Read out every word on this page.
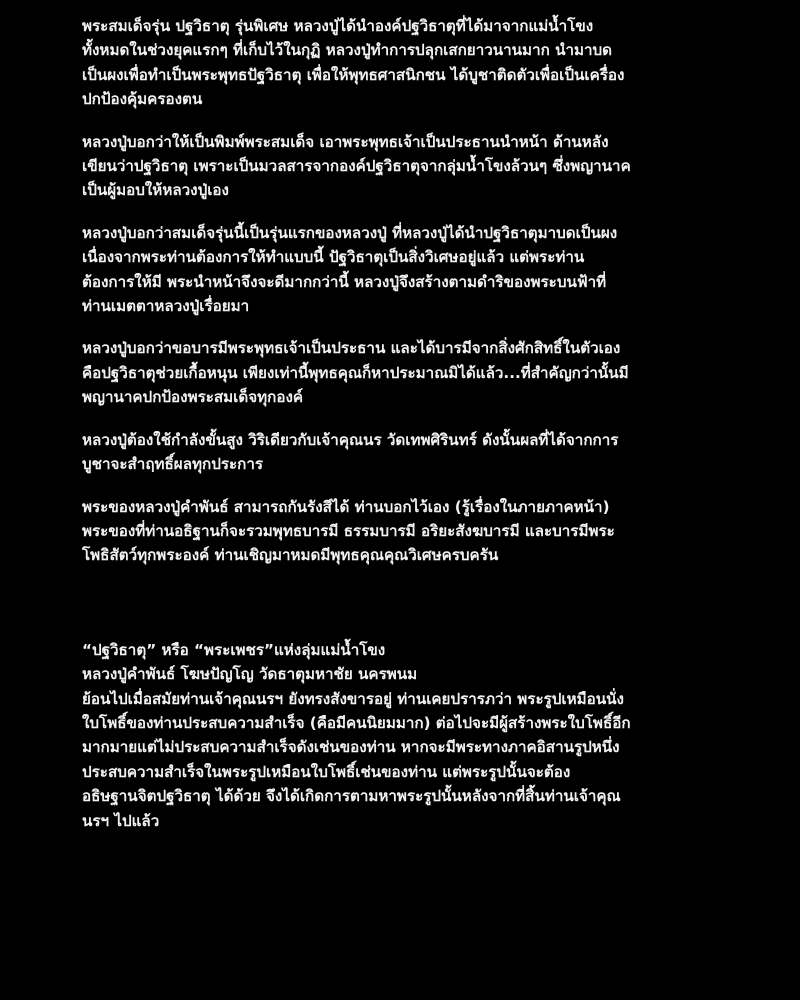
พระสมเด็จรุ่น ปฐวิธาตุ รุ่นพิเศษ หลวงปู่ได้นำองค์ปฐวิธาตุที่ได้มาจากแม่น้ำโขง
ทั้งหมดในช่วงยุคแรกๆ ที่เก็บไว้ในกุฏิ หลวงปู่ทำการปลุกเสกยาวนานมาก นำมาบด
เป็นผงเพื่อทำเป็นพระพุทธปัฐวิธาตุ เพื่อให้พุทธศาสนิกชน ได้บูชาติดตัวเพื่อเป็นเครื่อง
ปกป้องคุ้มครองตน
หลวงปู่บอกว่าให้เป็นพิมพ์พระสมเด็จ เอาพระพุทธเจ้าเป็นประธานนำหน้า ด้านหลัง
เขียนว่าปฐวิธาตุ เพราะเป็นมวลสารจากองค์ปฐวิธาตุจากลุ่มน้ำโขงล้วนๆ ซึ่งพญานาค
เป็นผู้มอบให้หลวงปู่เอง
หลวงปู่บอกว่าสมเด็จรุ่นนี้เป็นรุ่นแรกของหลวงปู่ ที่หลวงปู่ได้นำปฐวิธาตุมาบดเป็นผง
เนื่องจากพระท่านต้องการให้ทำแบบนี้ ปัฐวิธาตุเป็นสิ่งวิเศษอยู่แล้ว แต่พระท่าน
ต้องการให้มี พระนำหน้าจึงจะดีมากกว่านี้ หลวงปู่จึงสร้างตามดำริของพระบนฟ้าที่
ท่านเมตตาหลวงปู่เรื่อยมา
หลวงปู่บอกว่าขอบารมีพระพุทธเจ้าเป็นประธาน และได้บารมีจากสิ่งศักสิทธิ์ในตัวเอง
คือปฐวิธาตุช่วยเกื้อหนุน เพียงเท่านี้พุทธคุณก็หาประมาณมิได้แล้ว...ที่สำคัญกว่านั้นมี
พญานาคปกป้องพระสมเด็จทุกองค์
หลวงปู่ต้องใช้กำลังขั้นสูง วิริเดียวกับเจ้าคุณนร วัดเทพศิรินทร์ ดังนั้นผลที่ได้จากการ
บูชาจะสำฤทธิ์ผลทุกประการ
พระของหลวงปู่คำพันธ์ สามารถกันรังสีได้ ท่านบอกไว้เอง (รู้เรื่องในภายภาคหน้า)
พระของที่ท่านอธิฐานก็จะรวมพุทธบารมี ธรรมบารมี อริยะสังฆบารมี และบารมีพระ
โพธิสัตว์ทุกพระองค์ ท่านเชิญมาหมดมีพุทธคุณคุณวิเศษครบครัน
“ปฐวิธาตุ” หรือ “พระเพชร”แห่งลุ่มแม่น้ำโขง
หลวงปู่คำพันธ์ โฆษปัญโญ วัดธาตุมหาชัย นครพนม
ย้อนไปเมื่อสมัยท่านเจ้าคุณนรฯ ยังทรงสังขารอยู่ ท่านเคยปรารภว่า พระรูปเหมือนนั่ง
ใบโพธิ์ของท่านประสบความสำเร็จ (คือมีคนนิยมมาก) ต่อไปจะมีผู้สร้างพระใบโพธิ์อีก
มากมายแต่ไม่ประสบความสำเร็จดังเช่นของท่าน หากจะมีพระทางภาคอิสานรูปหนึ่ง
ประสบความสำเร็จในพระรูปเหมือนใบโพธิ์เช่นของท่าน แต่พระรูปนั้นจะต้อง
อธิษฐานจิตปฐวิธาตุ ได้ด้วย จึงได้เกิดการตามหาพระรูปนั้นหลังจากที่สิ้นท่านเจ้าคุณ
นรฯ ไปแล้ว
